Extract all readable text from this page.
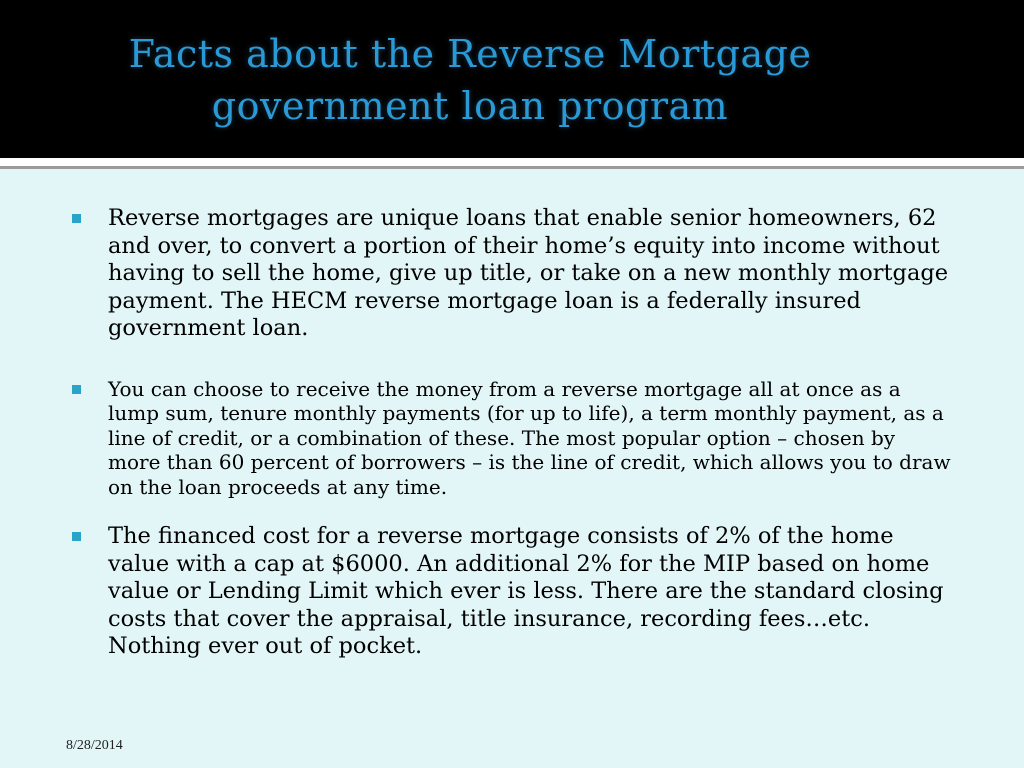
Facts about the Reverse Mortgage
government loan program
Reverse mortgages are unique loans that enable senior homeowners, 62 and over, to convert a portion of their home’s equity into income without having to sell the home, give up title, or take on a new monthly mortgage payment. The HECM reverse mortgage loan is a federally insured government loan.
You can choose to receive the money from a reverse mortgage all at once as a lump sum, tenure monthly payments (for up to life), a term monthly payment, as a line of credit, or a combination of these. The most popular option – chosen by more than 60 percent of borrowers – is the line of credit, which allows you to draw on the loan proceeds at any time.
The financed cost for a reverse mortgage consists of 2% of the home value with a cap at $6000. An additional 2% for the MIP based on home value or Lending Limit which ever is less. There are the standard closing costs that cover the appraisal, title insurance, recording fees…etc. Nothing ever out of pocket.
8/28/2014
